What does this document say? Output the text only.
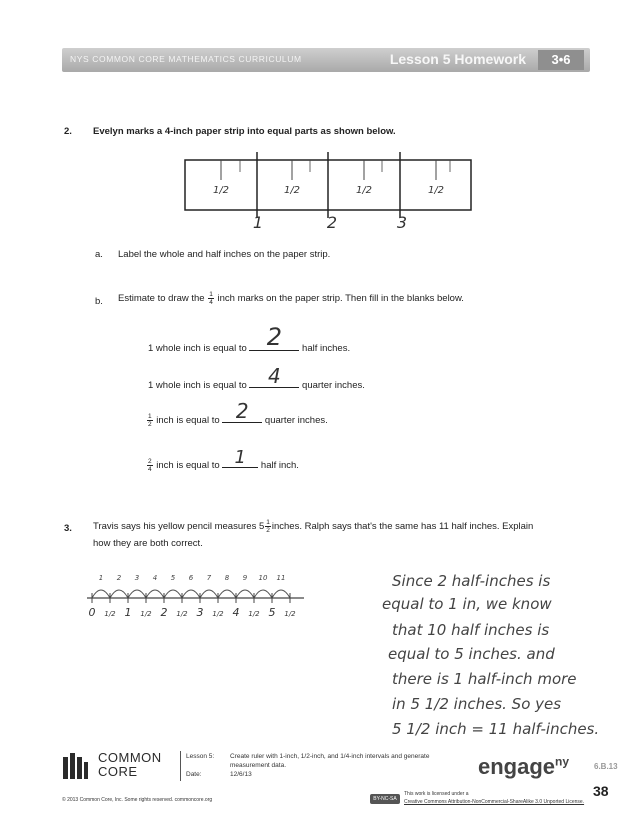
NYS COMMON CORE MATHEMATICS CURRICULUM	Lesson 5 Homework	3•6
2. Evelyn marks a 4-inch paper strip into equal parts as shown below.
1/2	1/2	1/2	1/2
1	2	3
a. Label the whole and half inches on the paper strip.
b. Estimate to draw the $\frac{1}{4}$ inch marks on the paper strip. Then fill in the blanks below.
1 whole inch is equal to 2	half inches.
1 whole inch is equal to	4	quarter inches.
$\frac{1}{2}$ inch is equal to 2	quarter inches.
$\frac{2}{4}$ inch is equal to 1	half inch.
3. Travis says his yellow pencil measures $5 \frac{1}{2}$ inches. Ralph says that's the same has 11 half inches. Explain
how they are both correct.
1 2 3 4 5 6 7 8 9 10 11
0 1/2 1 1/2 2 1/2 3 1/2 4 1/2 5 1/2
Since 2 half-inches is
equal to 1 in, we know
that 10 half inches is
equal to 5 inches. and
there is 1 half-inch more
in 5 1/2 inches. So yes
5 1/2 inch = 11 half-inches.
COMMON
CORE
Lesson 5: Create ruler with 1-inch, 1/2-inch, and 1/4-inch intervals and generate
measurement data.
Date:	12/6/13	engage$^{ny}$	6.B.13
38
© 2013 Common Core, Inc. Some rights reserved. commoncore.org	BY-NC-SA
This work is licensed under a
Creative Commons Attribution-NonCommercial-ShareAlike 3.0 Unported License.
